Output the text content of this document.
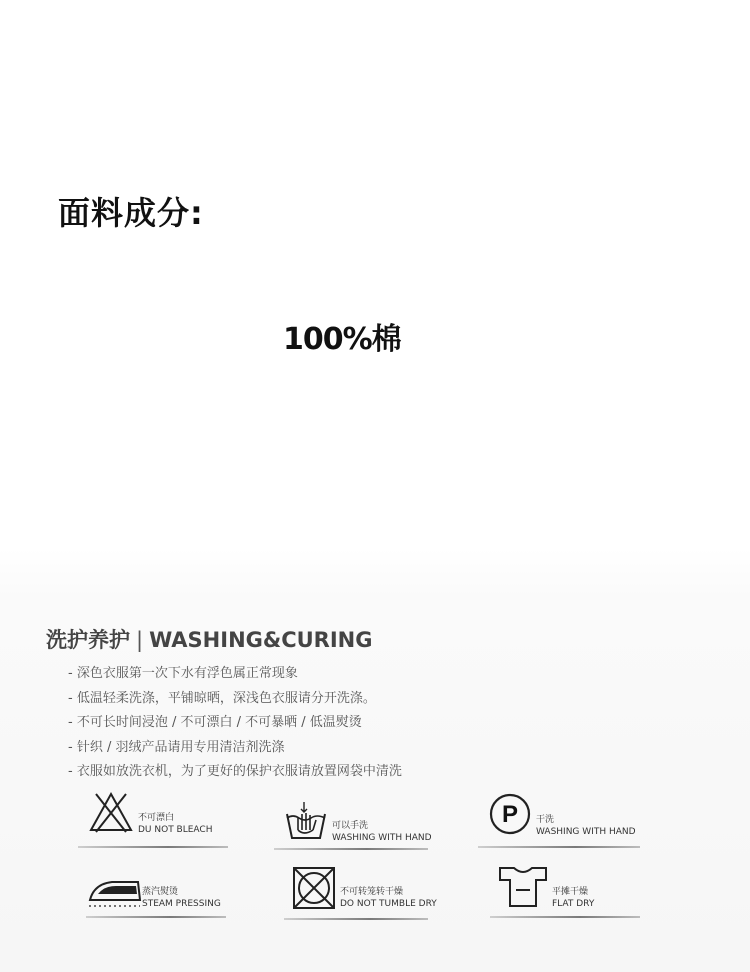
面料成分:
100%棉
洗护养护 | WASHING&CURING
- 深色衣服第一次下水有浮色属正常现象
- 低温轻柔洗涤，平铺晾晒，深浅色衣服请分开洗涤。
- 不可长时间浸泡 / 不可漂白 / 不可暴晒 / 低温熨烫
- 针织 / 羽绒产品请用专用清洁剂洗涤
- 衣服如放洗衣机，为了更好的保护衣服请放置网袋中清洗
不可漂白
DU NOT BLEACH	可以手洗
WASHING WITH HAND
P 干洗
WASHING WITH HAND
蒸汽熨烫
STEAM PRESSING
不可转笼转干燥
DO NOT TUMBLE DRY
平摊干燥
FLAT DRY
